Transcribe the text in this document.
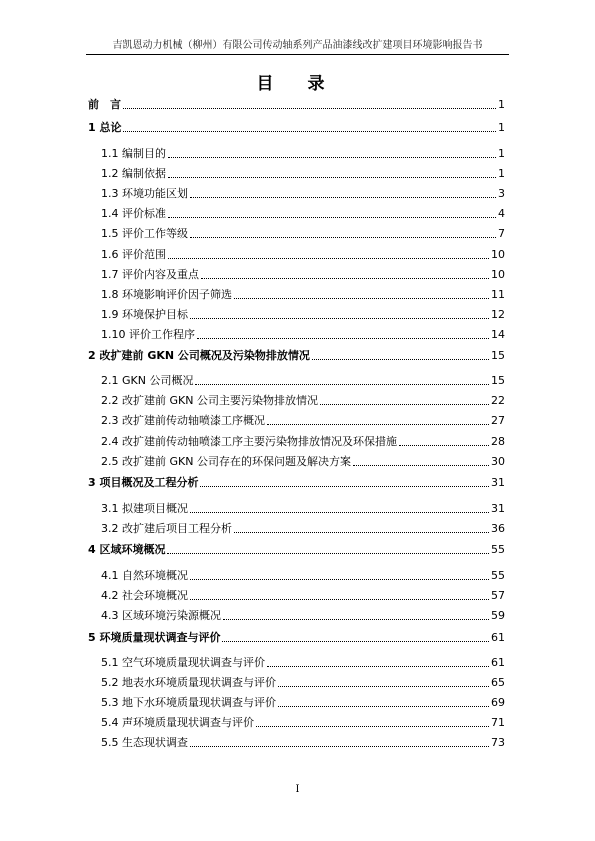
吉凯恩动力机械（柳州）有限公司传动轴系列产品油漆线改扩建项目环境影响报告书
目 录
前　言	1
1 总论	1
1.1 编制目的	1
1.2 编制依据	1
1.3 环境功能区划	3
1.4 评价标准	4
1.5 评价工作等级	7
1.6 评价范围	10
1.7 评价内容及重点	10
1.8 环境影响评价因子筛选	11
1.9 环境保护目标	12
1.10 评价工作程序	14
2 改扩建前 GKN 公司概况及污染物排放情况	15
2.1 GKN 公司概况	15
2.2 改扩建前 GKN 公司主要污染物排放情况	22
2.3 改扩建前传动轴喷漆工序概况	27
2.4 改扩建前传动轴喷漆工序主要污染物排放情况及环保措施	28
2.5 改扩建前 GKN 公司存在的环保问题及解决方案	30
3 项目概况及工程分析	31
3.1 拟建项目概况	31
3.2 改扩建后项目工程分析	36
4 区域环境概况	55
4.1 自然环境概况	55
4.2 社会环境概况	57
4.3 区域环境污染源概况	59
5 环境质量现状调查与评价	61
5.1 空气环境质量现状调查与评价	61
5.2 地表水环境质量现状调查与评价	65
5.3 地下水环境质量现状调查与评价	69
5.4 声环境质量现状调查与评价	71
5.5 生态现状调查	73
I
